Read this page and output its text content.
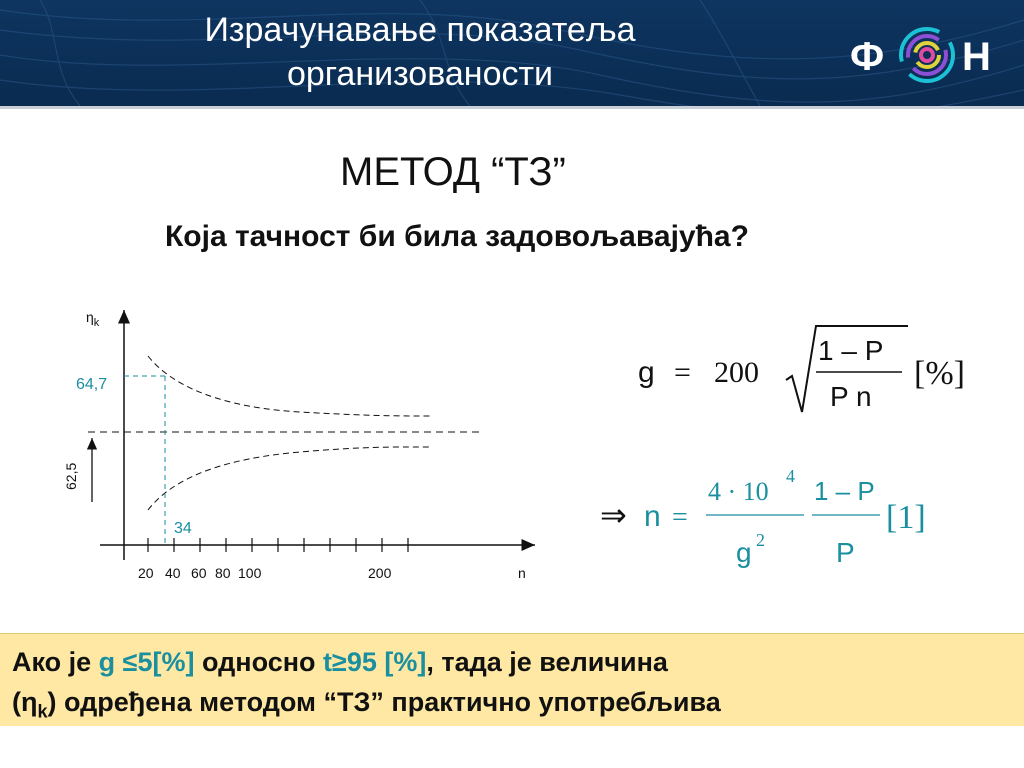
Израчунавање показатеља
организованости	Ф Н
МЕТОД “ТЗ”
Која тачност би била задовољавајућа?
$\eta_k$
n
20 40 60 80 100	200
64,7
34
62,5
g = 200
1 – P
P n
[%]
⇒ n =
4 · 10
4
g 2
1 – P
P
[1]

Ако је g ≤5[%] односно t≥95 [%], тада је величина

$(\eta_k)$ одређена методом “ТЗ” практично употребљива
